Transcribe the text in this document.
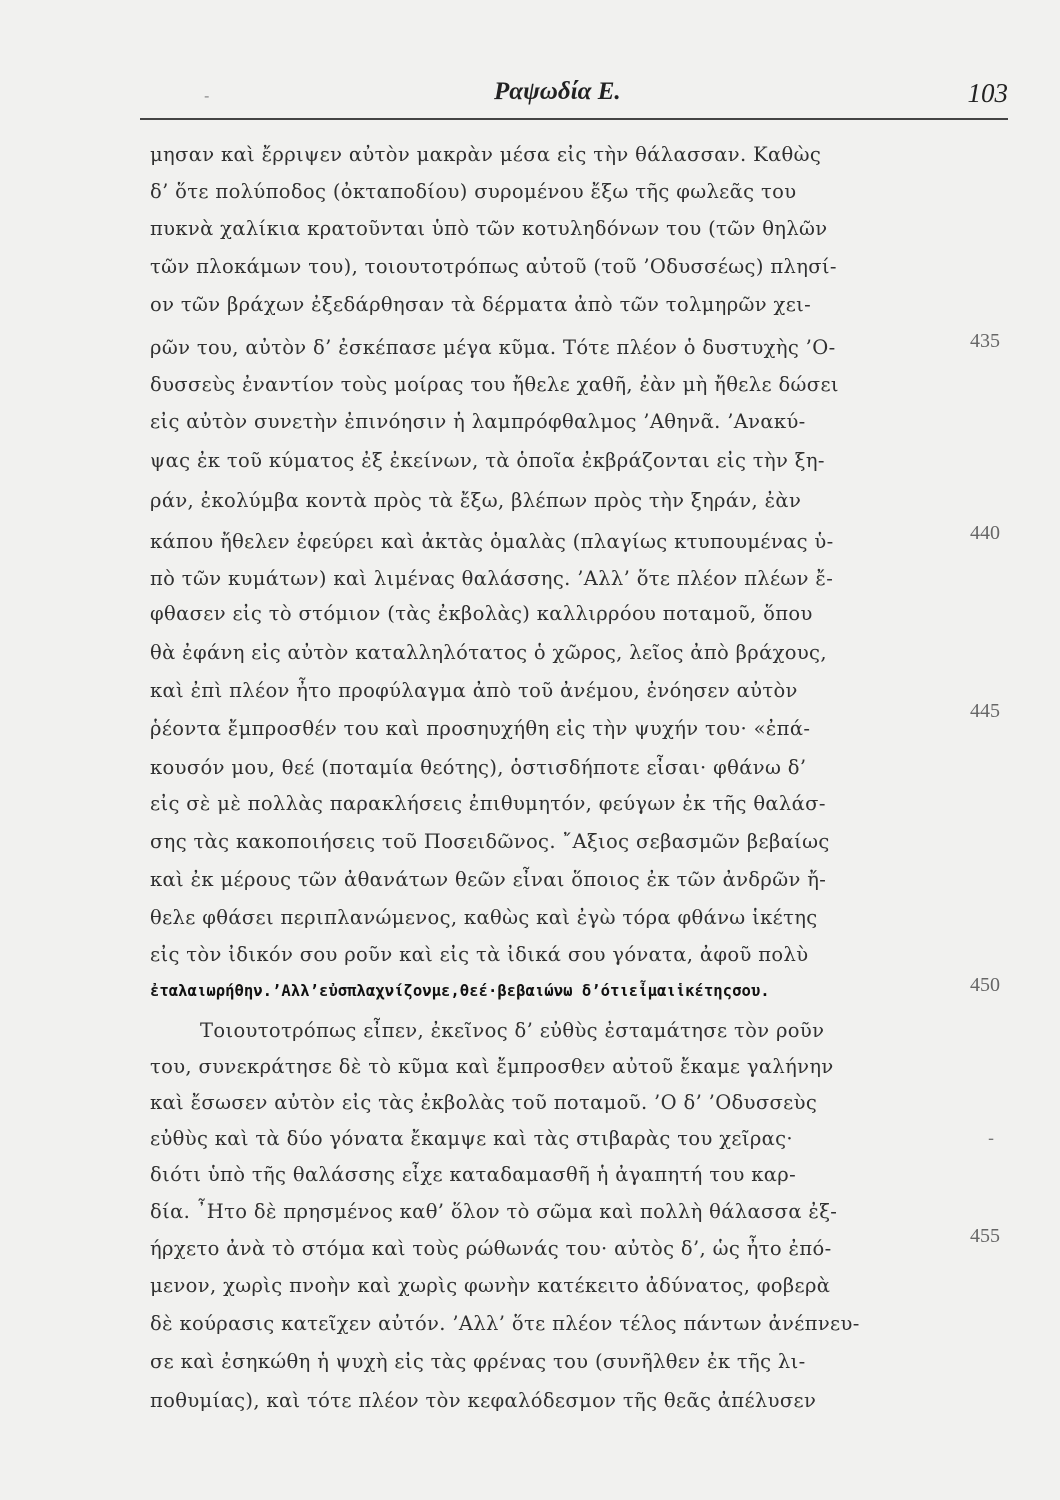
-	Ραψωδία Ε.	103
μησαν καὶ ἔρριψεν αὐτὸν μακρὰν μέσα εἰς τὴν θάλασσαν. Καθὼς
δ’ ὅτε πολύποδος (ὀκταποδίου) συρομένου ἔξω τῆς φωλεᾶς του
πυκνὰ χαλίκια κρατοῦνται ὑπὸ τῶν κοτυληδόνων του (τῶν θηλῶν
τῶν πλοκάμων του), τοιουτοτρόπως αὐτοῦ (τοῦ ’Οδυσσέως) πλησί-
ον τῶν βράχων ἐξεδάρθησαν τὰ δέρματα ἀπὸ τῶν τολμηρῶν χει-
ρῶν του, αὐτὸν δ’ ἐσκέπασε μέγα κῦμα. Τότε πλέον ὁ δυστυχὴς ’Ο-
δυσσεὺς ἐναντίον τοὺς μοίρας του ἤθελε χαθῆ, ἐὰν μὴ ἤθελε δώσει
εἰς αὐτὸν συνετὴν ἐπινόησιν ἡ λαμπρόφθαλμος ’Αθηνᾶ. ’Ανακύ-
ψας ἐκ τοῦ κύματος ἐξ ἐκείνων, τὰ ὁποῖα ἐκβράζονται εἰς τὴν ξη-
ράν, ἐκολύμβα κοντὰ πρὸς τὰ ἔξω, βλέπων πρὸς τὴν ξηράν, ἐὰν
κάπου ἤθελεν ἐφεύρει καὶ ἀκτὰς ὁμαλὰς (πλαγίως κτυπουμένας ὑ-
πὸ τῶν κυμάτων) καὶ λιμένας θαλάσσης. ’Αλλ’ ὅτε πλέον πλέων ἔ-
φθασεν εἰς τὸ στόμιον (τὰς ἐκβολὰς) καλλιρρόου ποταμοῦ, ὅπου
θὰ ἐφάνη εἰς αὐτὸν καταλληλότατος ὁ χῶρος, λεῖος ἀπὸ βράχους,
καὶ ἐπὶ πλέον ἦτο προφύλαγμα ἀπὸ τοῦ ἀνέμου, ἐνόησεν αὐτὸν
ῥέοντα ἔμπροσθέν του καὶ προσηυχήθη εἰς τὴν ψυχήν του· «ἐπά-
κουσόν μου, θεέ (ποταμία θεότης), ὁστισδήποτε εἶσαι· φθάνω δ’
εἰς σὲ μὲ πολλὰς παρακλήσεις ἐπιθυμητόν, φεύγων ἐκ τῆς θαλάσ-
σης τὰς κακοποιήσεις τοῦ Ποσειδῶνος. ῎Αξιος σεβασμῶν βεβαίως
καὶ ἐκ μέρους τῶν ἀθανάτων θεῶν εἶναι ὅποιος ἐκ τῶν ἀνδρῶν ἤ-
θελε φθάσει περιπλανώμενος, καθὼς καὶ ἐγὼ τόρα φθάνω ἱκέτης
εἰς τὸν ἰδικόν σου ροῦν καὶ εἰς τὰ ἰδικά σου γόνατα, ἀφοῦ πολὺ
ἐταλαιωρήθην.’Αλλ’εὐσπλαχνίζονμε,θεέ·βεβαιώνω δ’ότιεἶμαιἱκέτηςσου.
Τοιουτοτρόπως εἶπεν, ἐκεῖνος δ’ εὐθὺς ἐσταμάτησε τὸν ροῦν
του, συνεκράτησε δὲ τὸ κῦμα καὶ ἔμπροσθεν αὐτοῦ ἔκαμε γαλήνην
καὶ ἔσωσεν αὐτὸν εἰς τὰς ἐκβολὰς τοῦ ποταμοῦ. ’Ο δ’ ’Οδυσσεὺς
εὐθὺς καὶ τὰ δύο γόνατα ἔκαμψε καὶ τὰς στιβαρὰς του χεῖρας·
διότι ὑπὸ τῆς θαλάσσης εἶχε καταδαμασθῆ ἡ ἀγαπητή του καρ-
δία. ῏Ητο δὲ πρησμένος καθ’ ὅλον τὸ σῶμα καὶ πολλὴ θάλασσα ἐξ-
ήρχετο ἀνὰ τὸ στόμα καὶ τοὺς ρώθωνάς του· αὐτὸς δ’, ὡς ἦτο ἐπό-
μενον, χωρὶς πνοὴν καὶ χωρὶς φωνὴν κατέκειτο ἀδύνατος, φοβερὰ
δὲ κούρασις κατεῖχεν αὐτόν. ’Αλλ’ ὅτε πλέον τέλος πάντων ἀνέπνευ-
σε καὶ ἐσηκώθη ἡ ψυχὴ εἰς τὰς φρένας του (συνῆλθεν ἐκ τῆς λι-
ποθυμίας), καὶ τότε πλέον τὸν κεφαλόδεσμον τῆς θεᾶς ἀπέλυσεν
435
440
445
450
455
-
